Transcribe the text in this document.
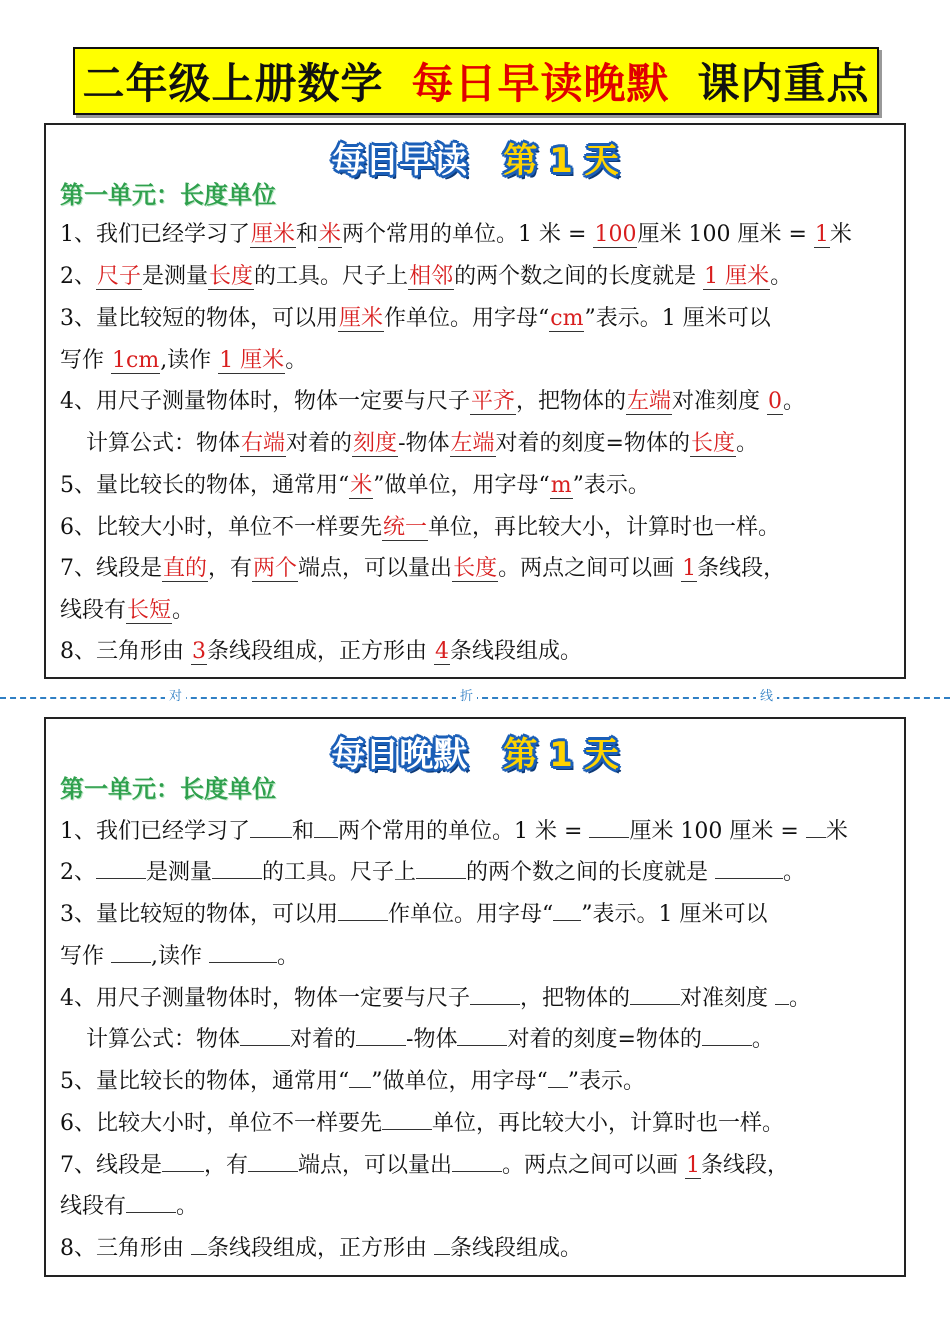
二年级上册数学 每日早读晚默 课内重点
每日早读 第 1 天
第一单元：长度单位
1、我们已经学习了厘米和米两个常用的单位。1 米 = 100厘米 100 厘米 = 1米
2、尺子是测量长度的工具。尺子上相邻的两个数之间的长度就是 1 厘米。
3、量比较短的物体，可以用厘米作单位。用字母“cm”表示。1 厘米可以
写作 1cm,读作 1 厘米。
4、用尺子测量物体时，物体一定要与尺子平齐，把物体的左端对准刻度 0。
计算公式：物体右端对着的刻度-物体左端对着的刻度=物体的长度。
5、量比较长的物体，通常用“米”做单位，用字母“m”表示。
6、比较大小时，单位不一样要先统一单位，再比较大小，计算时也一样。
7、线段是直的，有两个端点，可以量出长度。两点之间可以画 1条线段，
线段有长短。
8、三角形由 3条线段组成，正方形由 4条线段组成。
对	折	线
每日晚默 第 1 天
第一单元：长度单位
1、我们已经学习了 和 两个常用的单位。1 米 = 厘米 100 厘米 = 米
2、 是测量 的工具。尺子上 的两个数之间的长度就是	。
3、量比较短的物体，可以用 作单位。用字母“ ”表示。1 厘米可以
写作 ,读作	。
4、用尺子测量物体时，物体一定要与尺子 ，把物体的 对准刻度 。
计算公式：物体 对着的 -物体 对着的刻度=物体的 。
5、量比较长的物体，通常用“ ”做单位，用字母“ ”表示。
6、比较大小时，单位不一样要先 单位，再比较大小，计算时也一样。
7、线段是 ，有 端点，可以量出 。两点之间可以画 1条线段，
线段有 。
8、三角形由 条线段组成，正方形由 条线段组成。
